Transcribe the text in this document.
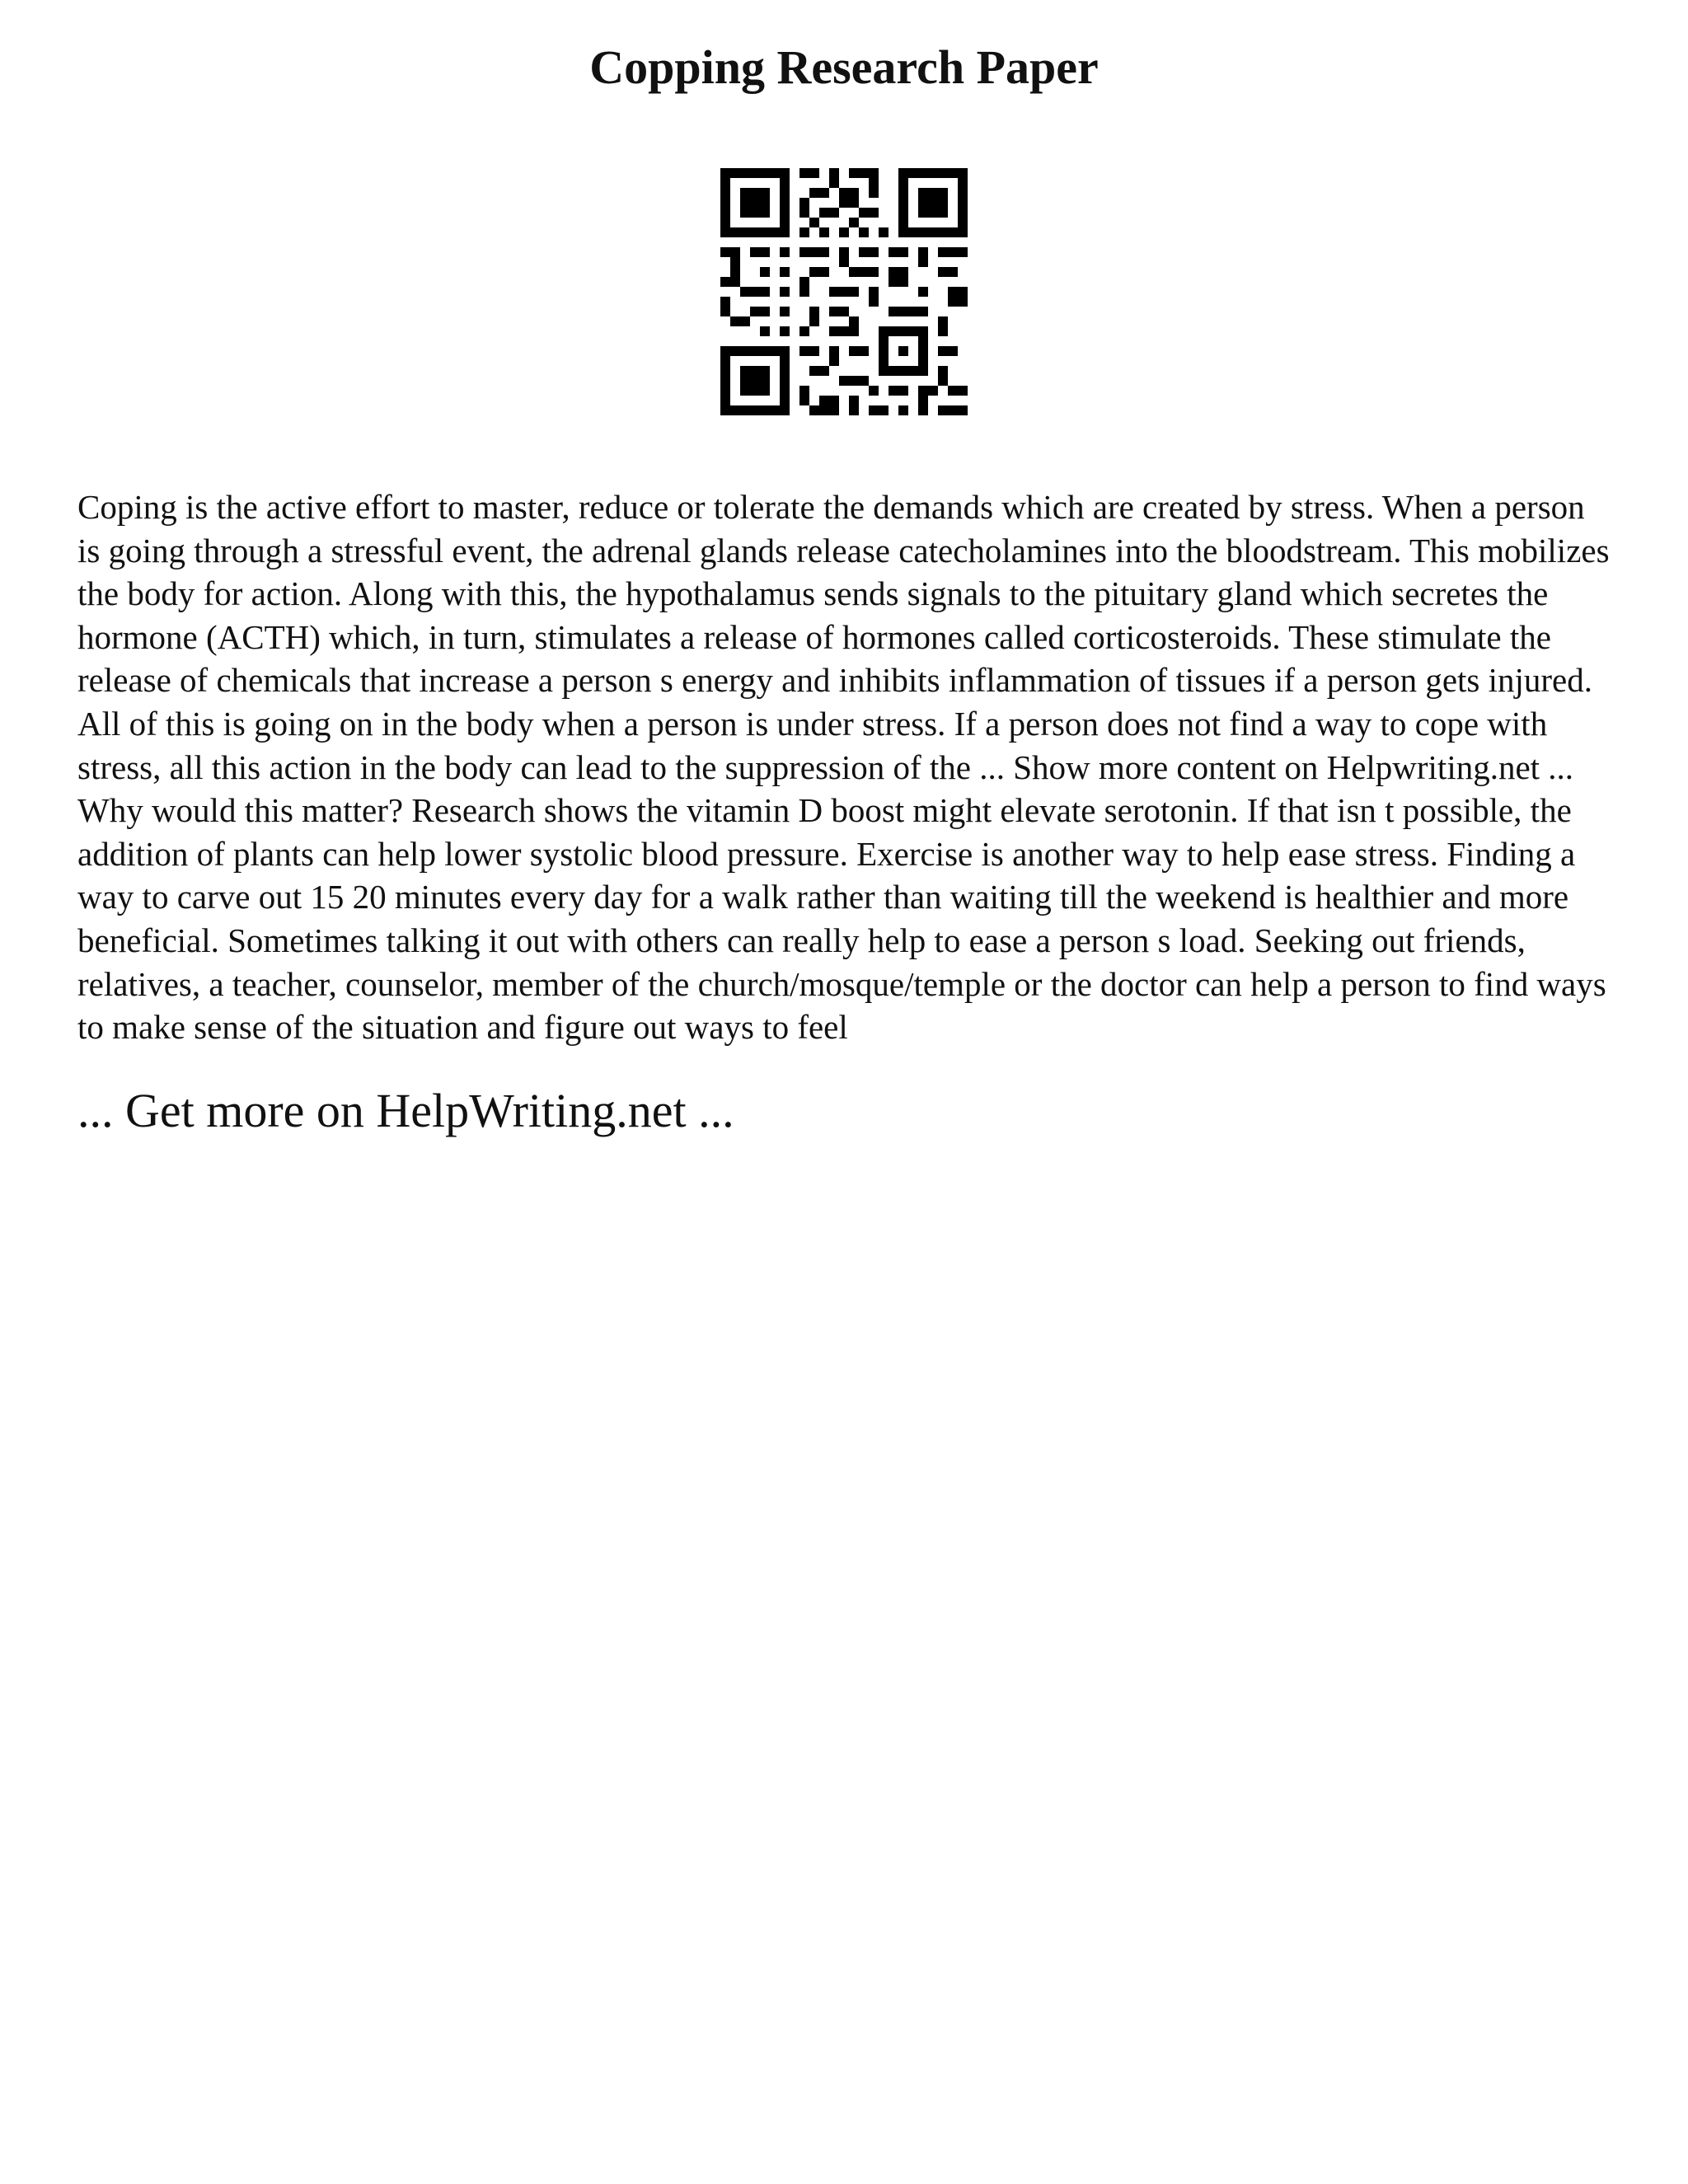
Copping Research Paper

Coping is the active effort to master, reduce or tolerate the demands which are created by stress. When a person is going through a stressful event, the adrenal glands release catecholamines into the bloodstream. This mobilizes the body for action. Along with this, the hypothalamus sends signals to the pituitary gland which secretes the hormone (ACTH) which, in turn, stimulates a release of hormones called corticosteroids. These stimulate the release of chemicals that increase a person s energy and inhibits inflammation of tissues if a person gets injured. All of this is going on in the body when a person is under stress. If a person does not find a way to cope with stress, all this action in the body can lead to the suppression of the ... Show more content on Helpwriting.net ...

Why would this matter? Research shows the vitamin D boost might elevate serotonin. If that isn t possible, the addition of plants can help lower systolic blood pressure. Exercise is another way to help ease stress. Finding a way to carve out 15 20 minutes every day for a walk rather than waiting till the weekend is healthier and more beneficial. Sometimes talking it out with others can really help to ease a person s load. Seeking out friends, relatives, a teacher, counselor, member of the church/mosque/temple or the doctor can help a person to find ways to make sense of the situation and figure out ways to feel

... Get more on HelpWriting.net ...
